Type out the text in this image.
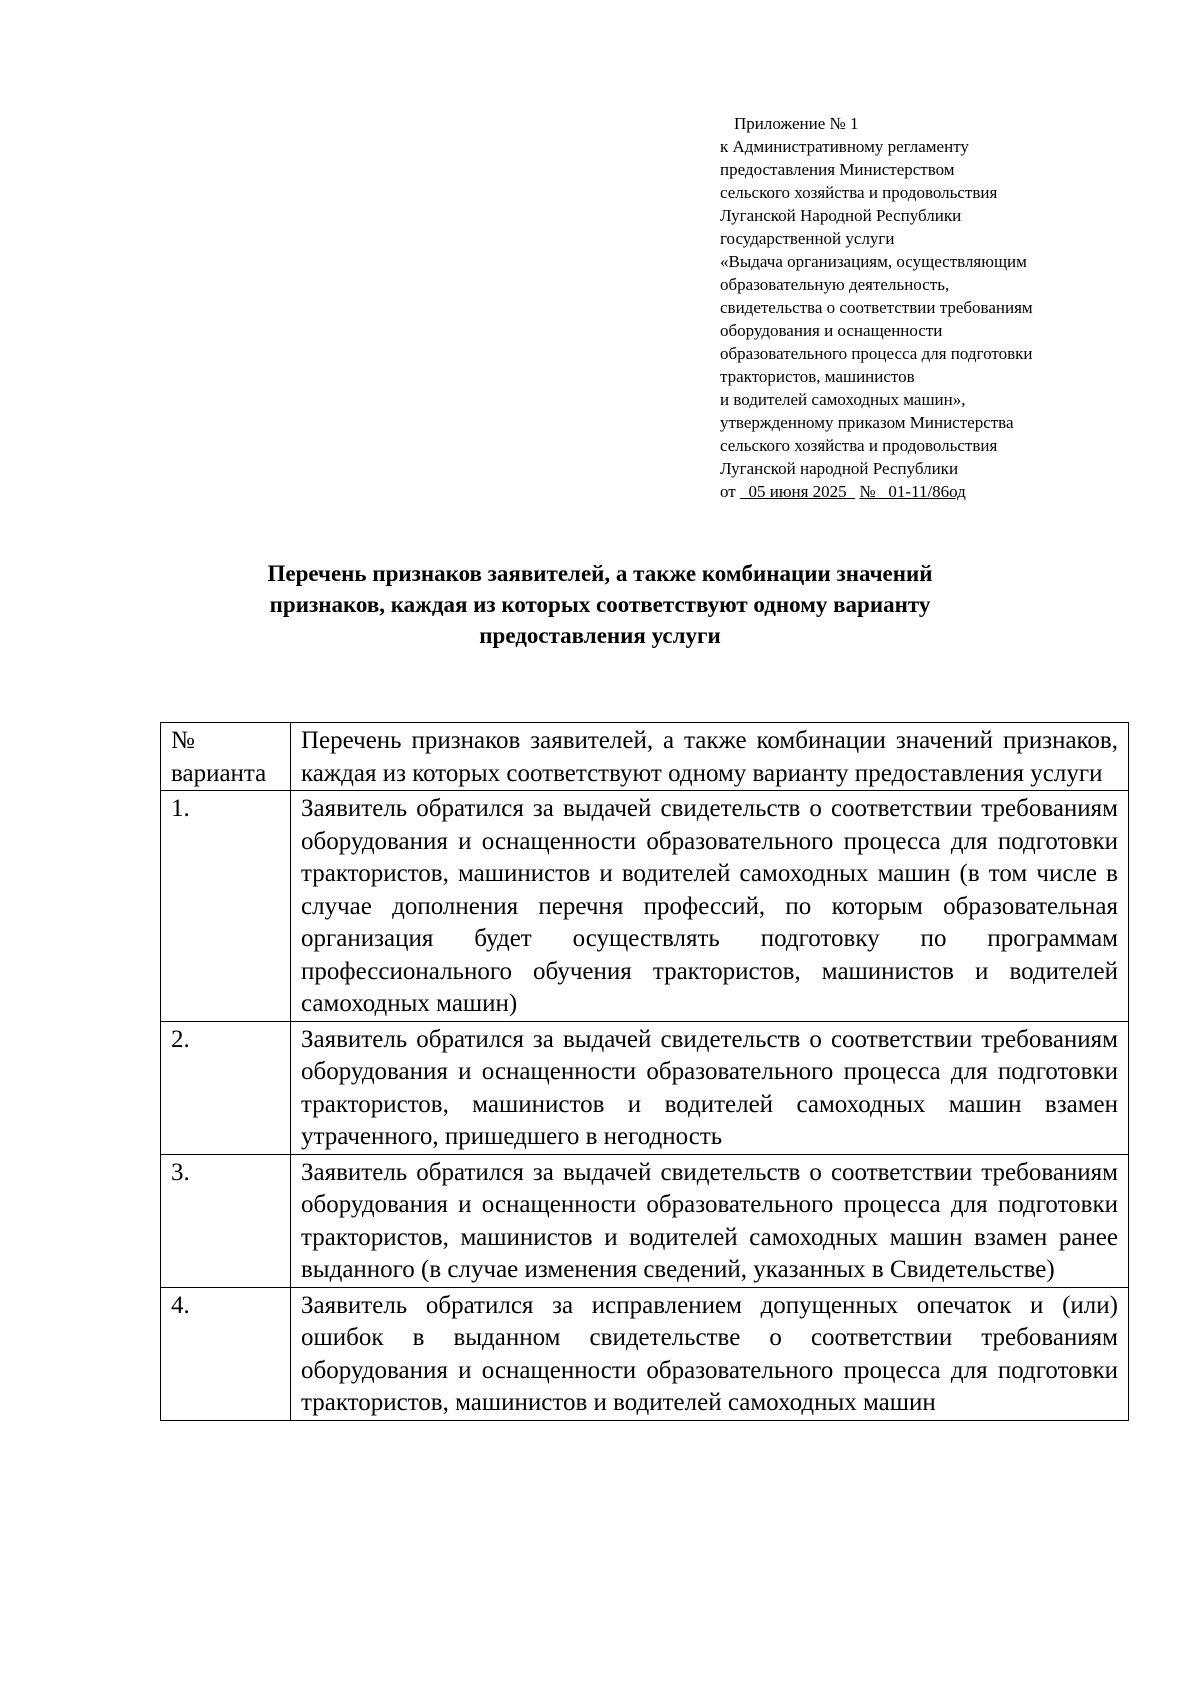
Приложение № 1
к Административному регламенту
предоставления Министерством
сельского хозяйства и продовольствия
Луганской Народной Республики
государственной услуги
«Выдача организациям, осуществляющим
образовательную деятельность,
свидетельства о соответствии требованиям
оборудования и оснащенности
образовательного процесса для подготовки
трактористов, машинистов
и водителей самоходных машин»,
утвержденному приказом Министерства
сельского хозяйства и продовольствия
Луганской народной Республики
от 05 июня 2025 № 01-11/86од
Перечень признаков заявителей, а также комбинации значений
признаков, каждая из которых соответствуют одному варианту
предоставления услуги
№
варианта	Перечень признаков заявителей, а также комбинации значений признаков, каждая из которых соответствуют одному варианту предоставления услуги
1.	Заявитель обратился за выдачей свидетельств о соответствии требованиям оборудования и оснащенности образовательного процесса для подготовки трактористов, машинистов и водителей самоходных машин (в том числе в случае дополнения перечня профессий, по которым образовательная организация будет осуществлять подготовку по программам профессионального обучения трактористов, машинистов и водителей самоходных машин)
2.	Заявитель обратился за выдачей свидетельств о соответствии требованиям оборудования и оснащенности образовательного процесса для подготовки трактористов, машинистов и водителей самоходных машин взамен утраченного, пришедшего в негодность
3.	Заявитель обратился за выдачей свидетельств о соответствии требованиям оборудования и оснащенности образовательного процесса для подготовки трактористов, машинистов и водителей самоходных машин взамен ранее выданного (в случае изменения сведений, указанных в Свидетельстве)
4.	Заявитель обратился за исправлением допущенных опечаток и (или) ошибок в выданном свидетельстве о соответствии требованиям оборудования и оснащенности образовательного процесса для подготовки трактористов, машинистов и водителей самоходных машин
